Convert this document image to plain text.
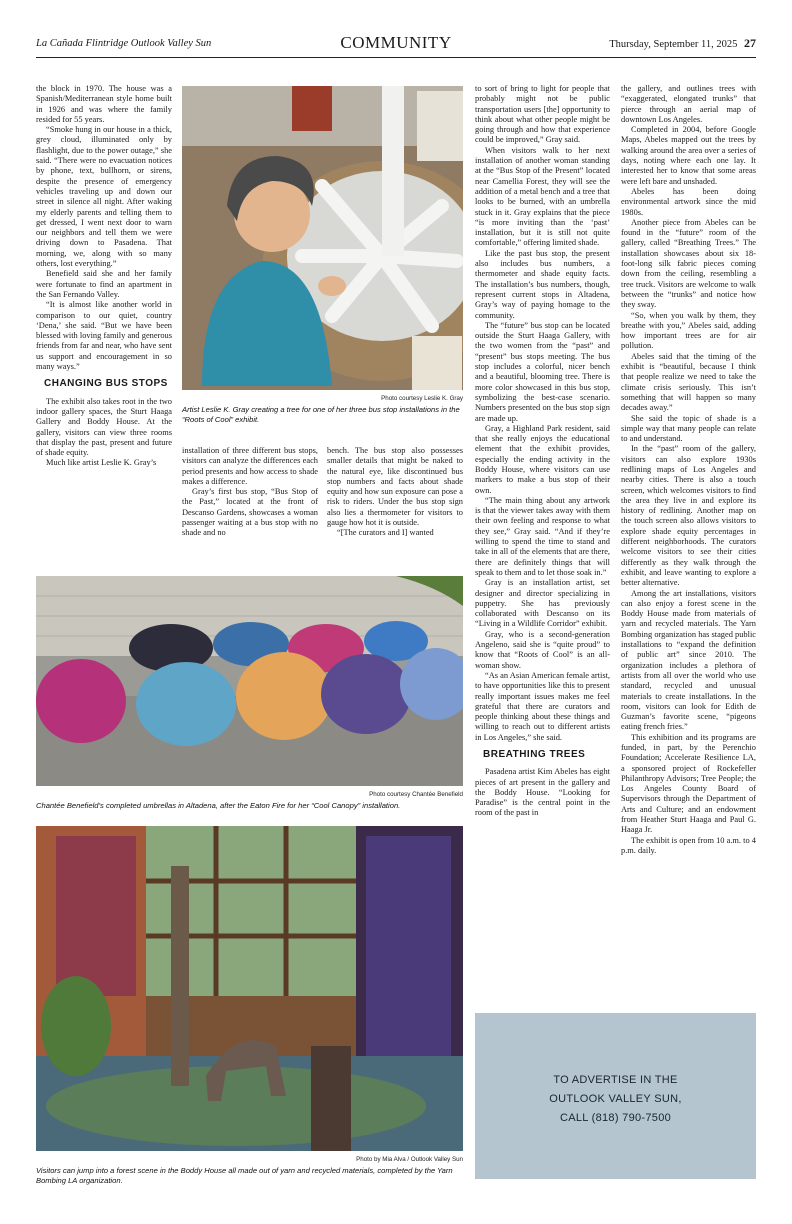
La Cañada Flintridge Outlook Valley Sun	COMMUNITY	Thursday, September 11, 2025 27

the block in 1970. The house was a Spanish/Mediterranean style home built in 1926 and was where the family resided for 55 years.

“Smoke hung in our house in a thick, grey cloud, illuminated only by flashlight, due to the power outage,” she said. “There were no evacuation notices by phone, text, bullhorn, or sirens, despite the presence of emergency vehicles traveling up and down our street in silence all night. After waking my elderly parents and telling them to get dressed, I went next door to warn our neighbors and tell them we were driving down to Pasadena. That morning, we, along with so many others, lost everything.”

Benefield said she and her family were fortunate to find an apartment in the San Fernando Valley.

“It is almost like another world in comparison to our quiet, country ‘Dena,’ she said. “But we have been blessed with loving family and generous friends from far and near, who have sent us support and encouragement in so many ways.”

CHANGING BUS STOPS

The exhibit also takes root in the two indoor gallery spaces, the Sturt Haaga Gallery and Boddy House. At the gallery, visitors can view three rooms that display the past, present and future of shade equity.

Much like artist Leslie K. Gray’s

Photo courtesy Leslie K. Gray
Artist Leslie K. Gray creating a tree for one of her three bus stop installations in the “Roots of Cool” exhibit.

installation of three different bus stops, visitors can analyze the differences each period presents and how access to shade makes a difference.

Gray’s first bus stop, “Bus Stop of the Past,” located at the front of Descanso Gardens, showcases a woman passenger waiting at a bus stop with no shade and no

bench. The bus stop also possesses smaller details that might be naked to the natural eye, like discontinued bus stop numbers and facts about shade equity and how sun exposure can pose a risk to riders. Under the bus stop sign also lies a thermometer for visitors to gauge how hot it is outside.

“[The curators and I] wanted

Photo courtesy Chantée Benefield
Chantée Benefield’s completed umbrellas in Altadena, after the Eaton Fire for her “Cool Canopy” installation.
Photo by Mia Alva / Outlook Valley Sun
Visitors can jump into a forest scene in the Boddy House all made out of yarn and recycled materials, completed by the Yarn Bombing LA organization.

to sort of bring to light for people that probably might not be public transportation users [the] opportunity to think about what other people might be going through and how that experience could be improved,” Gray said.

When visitors walk to her next installation of another woman standing at the “Bus Stop of the Present” located near Camellia Forest, they will see the addition of a metal bench and a tree that looks to be burned, with an umbrella stuck in it. Gray explains that the piece “is more inviting than the ‘past’ installation, but it is still not quite comfortable,” offering limited shade.

Like the past bus stop, the present also includes bus numbers, a thermometer and shade equity facts. The installation’s bus numbers, though, represent current stops in Altadena, Gray’s way of paying homage to the community.

The “future” bus stop can be located outside the Sturt Haaga Gallery, with the two women from the “past” and “present” bus stops meeting. The bus stop includes a colorful, nicer bench and a beautiful, blooming tree. There is more color showcased in this bus stop, symbolizing the best-case scenario. Numbers presented on the bus stop sign are made up.

Gray, a Highland Park resident, said that she really enjoys the educational element that the exhibit provides, especially the ending activity in the Boddy House, where visitors can use markers to make a bus stop of their own.

“The main thing about any artwork is that the viewer takes away with them their own feeling and response to what they see,” Gray said. “And if they’re willing to spend the time to stand and take in all of the elements that are there, there are definitely things that will speak to them and to let those soak in.”

Gray is an installation artist, set designer and director specializing in puppetry. She has previously collaborated with Descanso on its “Living in a Wildlife Corridor” exhibit.

Gray, who is a second-generation Angeleno, said she is “quite proud” to know that “Roots of Cool” is an all-woman show.

“As an Asian American female artist, to have opportunities like this to present really important issues makes me feel grateful that there are curators and people thinking about these things and willing to reach out to different artists in Los Angeles,” she said.

BREATHING TREES

Pasadena artist Kim Abeles has eight pieces of art present in the gallery and the Boddy House. “Looking for Paradise” is the central point in the room of the past in

the gallery, and outlines trees with “exaggerated, elongated trunks” that pierce through an aerial map of downtown Los Angeles.

Completed in 2004, before Google Maps, Abeles mapped out the trees by walking around the area over a series of days, noting where each one lay. It interested her to know that some areas were left bare and unshaded.

Abeles has been doing environmental artwork since the mid 1980s.

Another piece from Abeles can be found in the “future” room of the gallery, called “Breathing Trees.” The installation showcases about six 18-foot-long silk fabric pieces coming down from the ceiling, resembling a tree truck. Visitors are welcome to walk between the “trunks” and notice how they sway.

“So, when you walk by them, they breathe with you,” Abeles said, adding how important trees are for air pollution.

Abeles said that the timing of the exhibit is “beautiful, because I think that people realize we need to take the climate crisis seriously. This isn’t something that will happen so many decades away.”

She said the topic of shade is a simple way that many people can relate to and understand.

In the “past” room of the gallery, visitors can also explore 1930s redlining maps of Los Angeles and nearby cities. There is also a touch screen, which welcomes visitors to find the area they live in and explore its history of redlining. Another map on the touch screen also allows visitors to explore shade equity percentages in different neighborhoods. The curators welcome visitors to see their cities differently as they walk through the exhibit, and leave wanting to explore a better alternative.

Among the art installations, visitors can also enjoy a forest scene in the Boddy House made from materials of yarn and recycled materials. The Yarn Bombing organization has staged public installations to “expand the definition of public art” since 2010. The organization includes a plethora of artists from all over the world who use standard, recycled and unusual materials to create installations. In the room, visitors can look for Edith de Guzman’s favorite scene, “pigeons eating french fries.”

This exhibition and its programs are funded, in part, by the Perenchio Foundation; Accelerate Resilience LA, a sponsored project of Rockefeller Philanthropy Advisors; Tree People; the Los Angeles County Board of Supervisors through the Department of Arts and Culture; and an endowment from Heather Sturt Haaga and Paul G. Haaga Jr.

The exhibit is open from 10 a.m. to 4 p.m. daily.

TO ADVERTISE IN THE
OUTLOOK VALLEY SUN,
CALL (818) 790-7500
